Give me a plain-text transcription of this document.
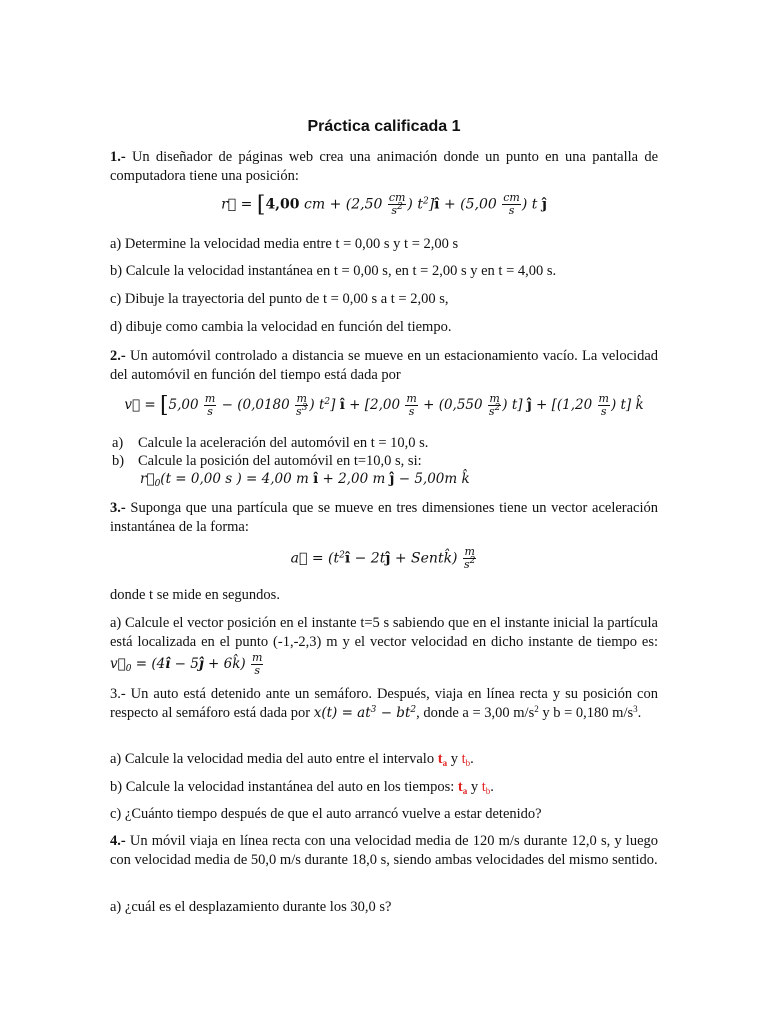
Práctica calificada 1
1.- Un diseñador de páginas web crea una animación donde un punto en una pantalla de computadora tiene una posición:
r⃗ = [4,00 cm + ($2,50 \frac{cm}{s^2}$ ) $t^2]î + (5,00 \frac{cm}{s}$ ) t ĵ
a) Determine la velocidad media entre t = 0,00 s y t = 2,00 s
b) Calcule la velocidad instantánea en t = 0,00 s, en t = 2,00 s y en t = 4,00 s.
c) Dibuje la trayectoria del punto de t = 0,00 s a t = 2,00 s,
d) dibuje como cambia la velocidad en función del tiempo.
2.- Un automóvil controlado a distancia se mueve en un estacionamiento vacío. La velocidad del automóvil en función del tiempo está dada por
v⃗ = [$5,00 \frac{m}{s} - (0,0180 \frac{m}{s^3}$ ) $t^2$] î + [$2,00 \frac{m}{s} + (0,550 \frac{m}{s^2}$ ) t] ĵ + [($1,20 \frac{m}{s}$ ) t] k̂
a) Calcule la aceleración del automóvil en t = 10,0 s.
b) Calcule la posición del automóvil en t=10,0 s, si:
$r⃗_0(t = 0,00$ s ) = 4,00 m î + 2,00 m ĵ − 5,00m k̂
3.- Suponga que una partícula que se mueve en tres dimensiones tiene un vector aceleración instantánea de la forma:
a⃗ = ($t^2î$ − 2tĵ + Sentk̂) $\frac{m}{s^2}$
donde t se mide en segundos.
a) Calcule el vector posición en el instante t=5 s sabiendo que en el instante inicial la partícula está localizada en el punto (-1,-2,3) m y el vector velocidad en dicho instante de tiempo es: $v⃗_0$ = (4î − 5ĵ + 6k̂) $\frac{m}{s}$
3.- Un auto está detenido ante un semáforo. Después, viaja en línea recta y su posición con respecto al semáforo está dada por $x(t) = at^3 - bt^2$, donde a = 3,00 $m/s^2$ y b = 0,180 $m/s^3$.
a) Calcule la velocidad media del auto entre el intervalo $t_a$ y $t_b$.
b) Calcule la velocidad instantánea del auto en los tiempos: $t_a$ y $t_b$.
c) ¿Cuánto tiempo después de que el auto arrancó vuelve a estar detenido?
4.- Un móvil viaja en línea recta con una velocidad media de 120 m/s durante 12,0 s, y luego con velocidad media de 50,0 m/s durante 18,0 s, siendo ambas velocidades del mismo sentido.
a) ¿cuál es el desplazamiento durante los 30,0 s?
